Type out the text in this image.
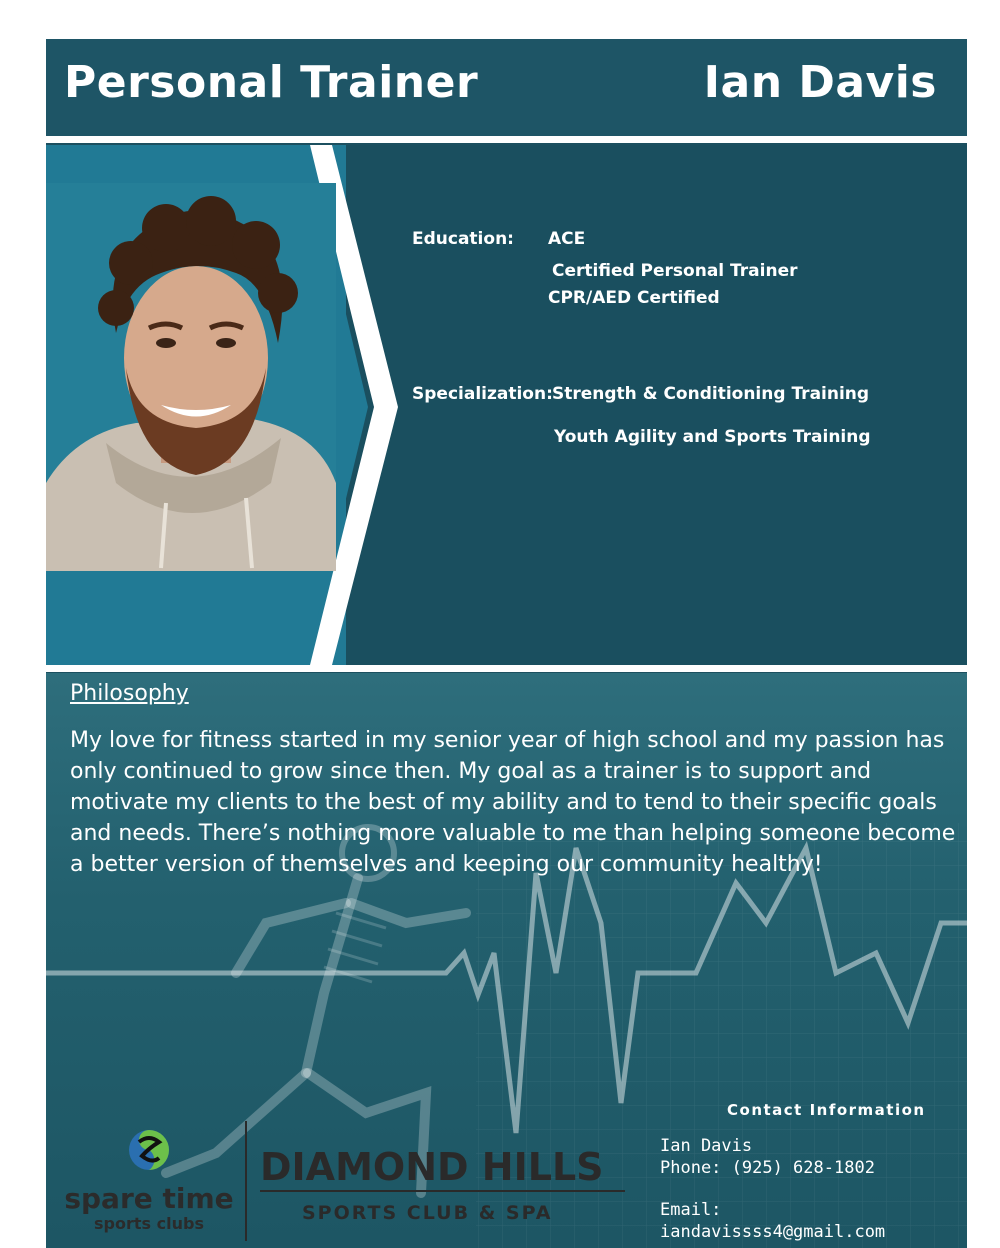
Personal Trainer	Ian Davis
Education: ACE
Certified Personal Trainer
CPR/AED Certified
Specialization: Strength & Conditioning Training
Youth Agility and Sports Training
Philosophy
My love for fitness started in my senior year of high school and my passion has only continued to grow since then. My goal as a trainer is to support and motivate my clients to the best of my ability and to tend to their specific goals and needs. There’s nothing more valuable to me than helping someone become a better version of themselves and keeping our community healthy!
spare time
sports clubs
DIAMOND HILLS
SPORTS CLUB & SPA
Contact Information
Ian Davis
Phone: (925) 628-1802
Email:
iandavissss4@gmail.com
